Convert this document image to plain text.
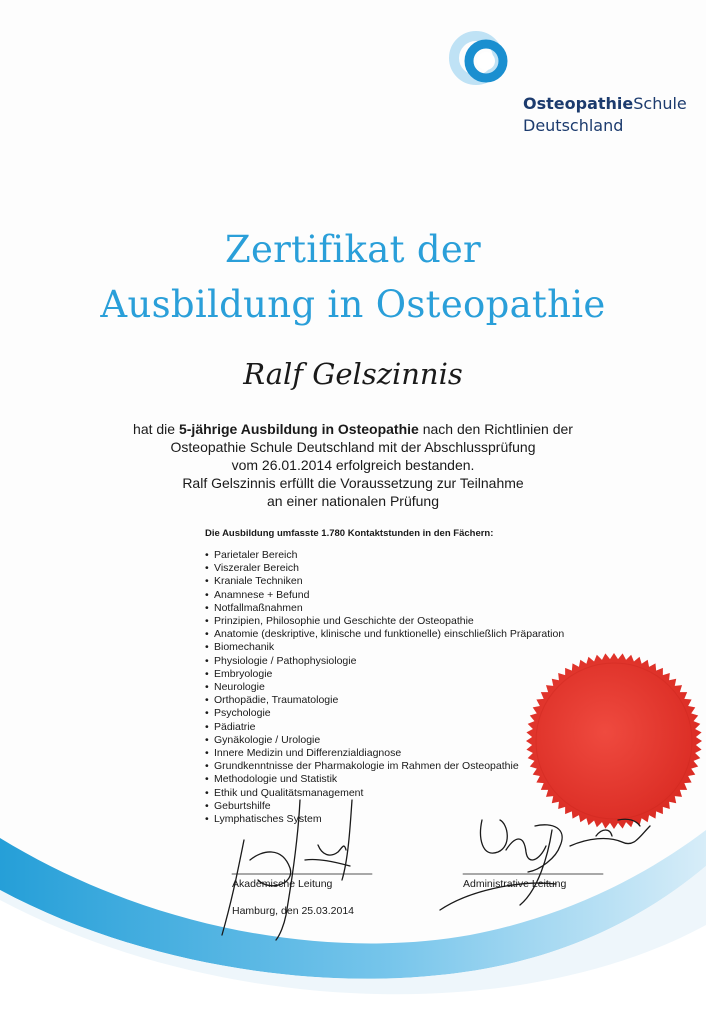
OsteopathieSchule
Deutschland
Zertifikat der
Ausbildung in Osteopathie
Ralf Gelszinnis
hat die 5-jährige Ausbildung in Osteopathie nach den Richtlinien der
Osteopathie Schule Deutschland mit der Abschlussprüfung
vom 26.01.2014 erfolgreich bestanden.
Ralf Gelszinnis erfüllt die Voraussetzung zur Teilnahme
an einer nationalen Prüfung
Die Ausbildung umfasste 1.780 Kontaktstunden in den Fächern:
• Parietaler Bereich
• Viszeraler Bereich
• Kraniale Techniken
• Anamnese + Befund
• Notfallmaßnahmen
• Prinzipien, Philosophie und Geschichte der Osteopathie
• Anatomie (deskriptive, klinische und funktionelle) einschließlich Präparation
• Biomechanik
• Physiologie / Pathophysiologie
• Embryologie
• Neurologie
• Orthopädie, Traumatologie
• Psychologie
• Pädiatrie
• Gynäkologie / Urologie
• Innere Medizin und Differenzialdiagnose
• Grundkenntnisse der Pharmakologie im Rahmen der Osteopathie
• Methodologie und Statistik
• Ethik und Qualitätsmanagement
• Geburtshilfe
• Lymphatisches System
Akademische Leitung	Administrative Leitung
Hamburg, den 25.03.2014
